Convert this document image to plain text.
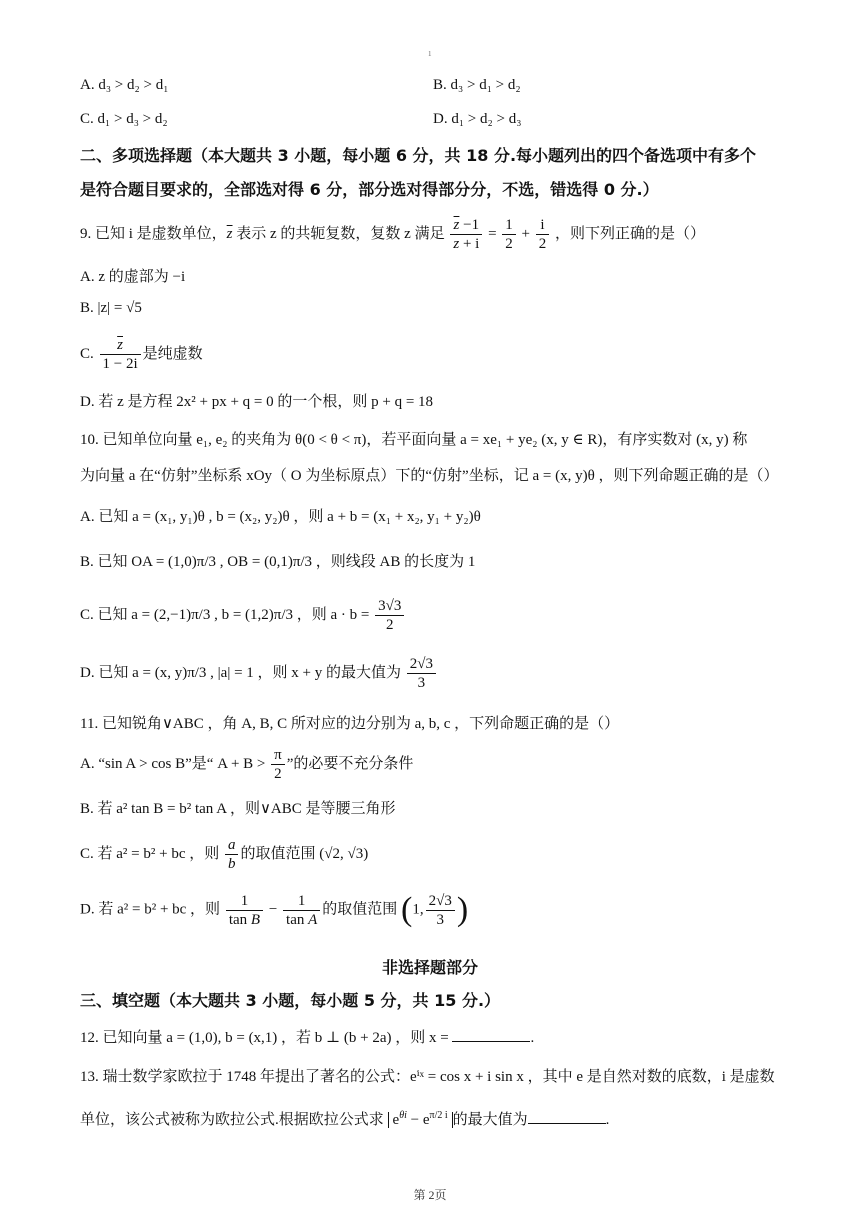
1
A. d₃ > d₂ > d₁	B. d₃ > d₁ > d₂
C. d₁ > d₃ > d₂	D. d₁ > d₂ > d₃
二、多项选择题（本大题共 3 小题，每小题 6 分，共 18 分.每小题列出的四个备选项中有多个
是符合题目要求的，全部选对得 6 分，部分选对得部分分，不选，错选得 0 分.）
9. 已知 i 是虚数单位，$\overline{z}$ 表示 z 的共轭复数，复数 z 满足 $\frac{\overline{z} -1}{z + i} = \frac{1}{2} + \frac{i}{2}$ ，则下列正确的是（）
A. z 的虚部为 −i
B. |z| = √5
C. $\frac{\overline{z}}{1 - 2i}$ 是纯虚数
D. 若 z 是方程 2x² + px + q = 0 的一个根，则 p + q = 18
10. 已知单位向量 e₁, e₂ 的夹角为 θ(0 < θ < π)，若平面向量 a = xe₁ + ye₂ (x, y ∈ R)，有序实数对 (x, y) 称
为向量 a 在“仿射”坐标系 xOy（ O 为坐标原点）下的“仿射”坐标，记 a = (x, y)θ ，则下列命题正确的是（）
A. 已知 a = (x₁, y₁)θ , b = (x₂, y₂)θ ，则 a + b = (x₁ + x₂, y₁ + y₂)θ
B. 已知 OA = (1,0)π/3 , OB = (0,1)π/3 ，则线段 AB 的长度为 1
C. 已知 a = (2,−1)π/3 , b = (1,2)π/3 ，则 $a \cdot b = \frac{3√3}{2}$
D. 已知 a = (x, y)π/3 , |a| = 1 ，则 x + y 的最大值为 $\frac{2√3}{3}$
11. 已知锐角∨ABC ，角 A, B, C 所对应的边分别为 a, b, c ，下列命题正确的是（）
A. “sin A > cos B”是“ $A + B > \frac{\pi}{2}$ ”的必要不充分条件
B. 若 a² tan B = b² tan A ，则∨ABC 是等腰三角形
C. 若 a² = b² + bc ，则 $\frac{a}{b}$ 的取值范围 (√2, √3)
D. 若 a² = b² + bc ，则 $\frac{1}{\text{tan B}} - \frac{1}{\text{tan A}}$ 的取值范围 (1, $\frac{2√3}{3}$ )
非选择题部分
三、填空题（本大题共 3 小题，每小题 5 分，共 15 分.）
12. 已知向量 a = (1,0), b = (x,1) ，若 b ⊥ (b + 2a) ，则 x =	.
13. 瑞士数学家欧拉于 1748 年提出了著名的公式：eⁱˣ = cos x + i sin x ，其中 e 是自然对数的底数，i 是虚数
单位，该公式被称为欧拉公式.根据欧拉公式求 $e^{\theta i} - e^{\pi/2 i}$ 的最大值为	.
第 2页
